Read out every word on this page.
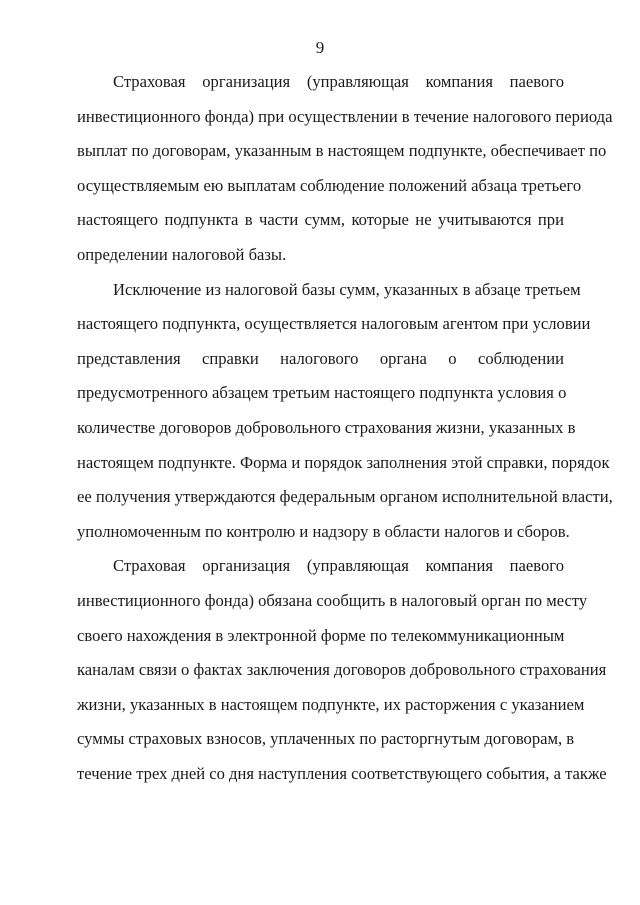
9
Страховая организация (управляющая компания паевого
инвестиционного фонда) при осуществлении в течение налогового периода
выплат по договорам, указанным в настоящем подпункте, обеспечивает по
осуществляемым ею выплатам соблюдение положений абзаца третьего
настоящего подпункта в части сумм, которые не учитываются при
определении налоговой базы.
Исключение из налоговой базы сумм, указанных в абзаце третьем
настоящего подпункта, осуществляется налоговым агентом при условии
представления справки налогового органа о соблюдении
предусмотренного абзацем третьим настоящего подпункта условия о
количестве договоров добровольного страхования жизни, указанных в
настоящем подпункте. Форма и порядок заполнения этой справки, порядок
ее получения утверждаются федеральным органом исполнительной власти,
уполномоченным по контролю и надзору в области налогов и сборов.
Страховая организация (управляющая компания паевого
инвестиционного фонда) обязана сообщить в налоговый орган по месту
своего нахождения в электронной форме по телекоммуникационным
каналам связи о фактах заключения договоров добровольного страхования
жизни, указанных в настоящем подпункте, их расторжения с указанием
суммы страховых взносов, уплаченных по расторгнутым договорам, в
течение трех дней со дня наступления соответствующего события, а также
